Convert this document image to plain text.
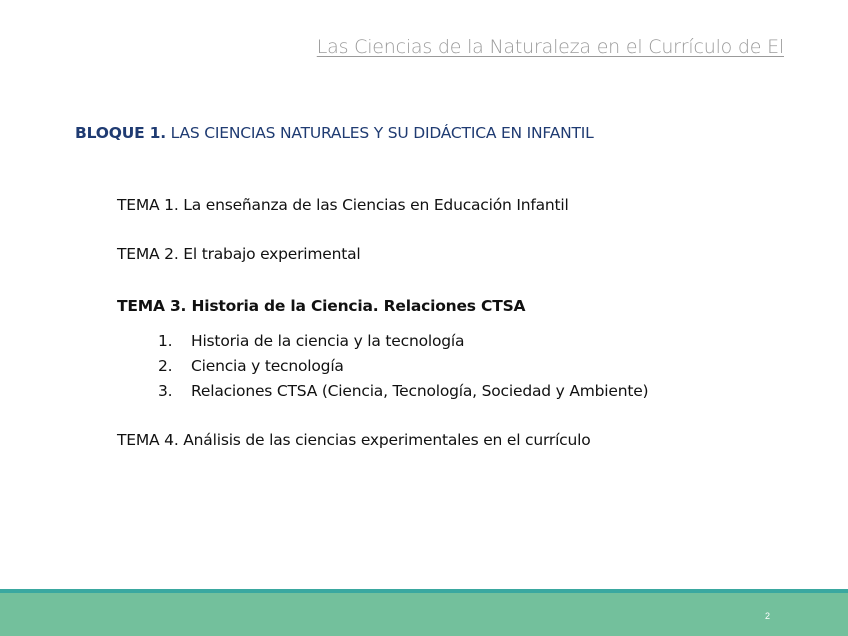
Las Ciencias de la Naturaleza en el Currículo de El
BLOQUE 1. LAS CIENCIAS NATURALES Y SU DIDÁCTICA EN INFANTIL
TEMA 1. La enseñanza de las Ciencias en Educación Infantil
TEMA 2. El trabajo experimental
TEMA 3. Historia de la Ciencia. Relaciones CTSA
1. Historia de la ciencia y la tecnología
2. Ciencia y tecnología
3. Relaciones CTSA (Ciencia, Tecnología, Sociedad y Ambiente)
TEMA 4. Análisis de las ciencias experimentales en el currículo
2
